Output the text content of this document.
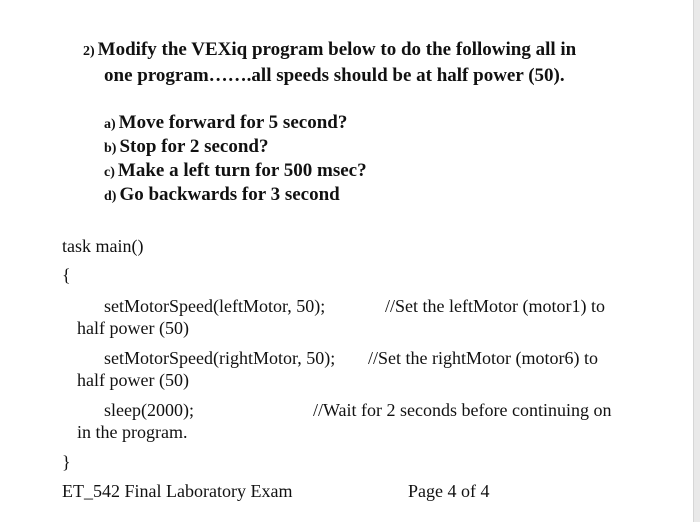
2) Modify the VEXiq program below to do the following all in
one program…….all speeds should be at half power (50).
a) Move forward for 5 second?
b) Stop for 2 second?
c) Make a left turn for 500 msec?
d) Go backwards for 3 second
task main()
{
setMotorSpeed(leftMotor, 50);	//Set the leftMotor (motor1) to
half power (50)
setMotorSpeed(rightMotor, 50); //Set the rightMotor (motor6) to
half power (50)
sleep(2000);	//Wait for 2 seconds before continuing on
in the program.
}
ET_542 Final Laboratory Exam	Page 4 of 4
